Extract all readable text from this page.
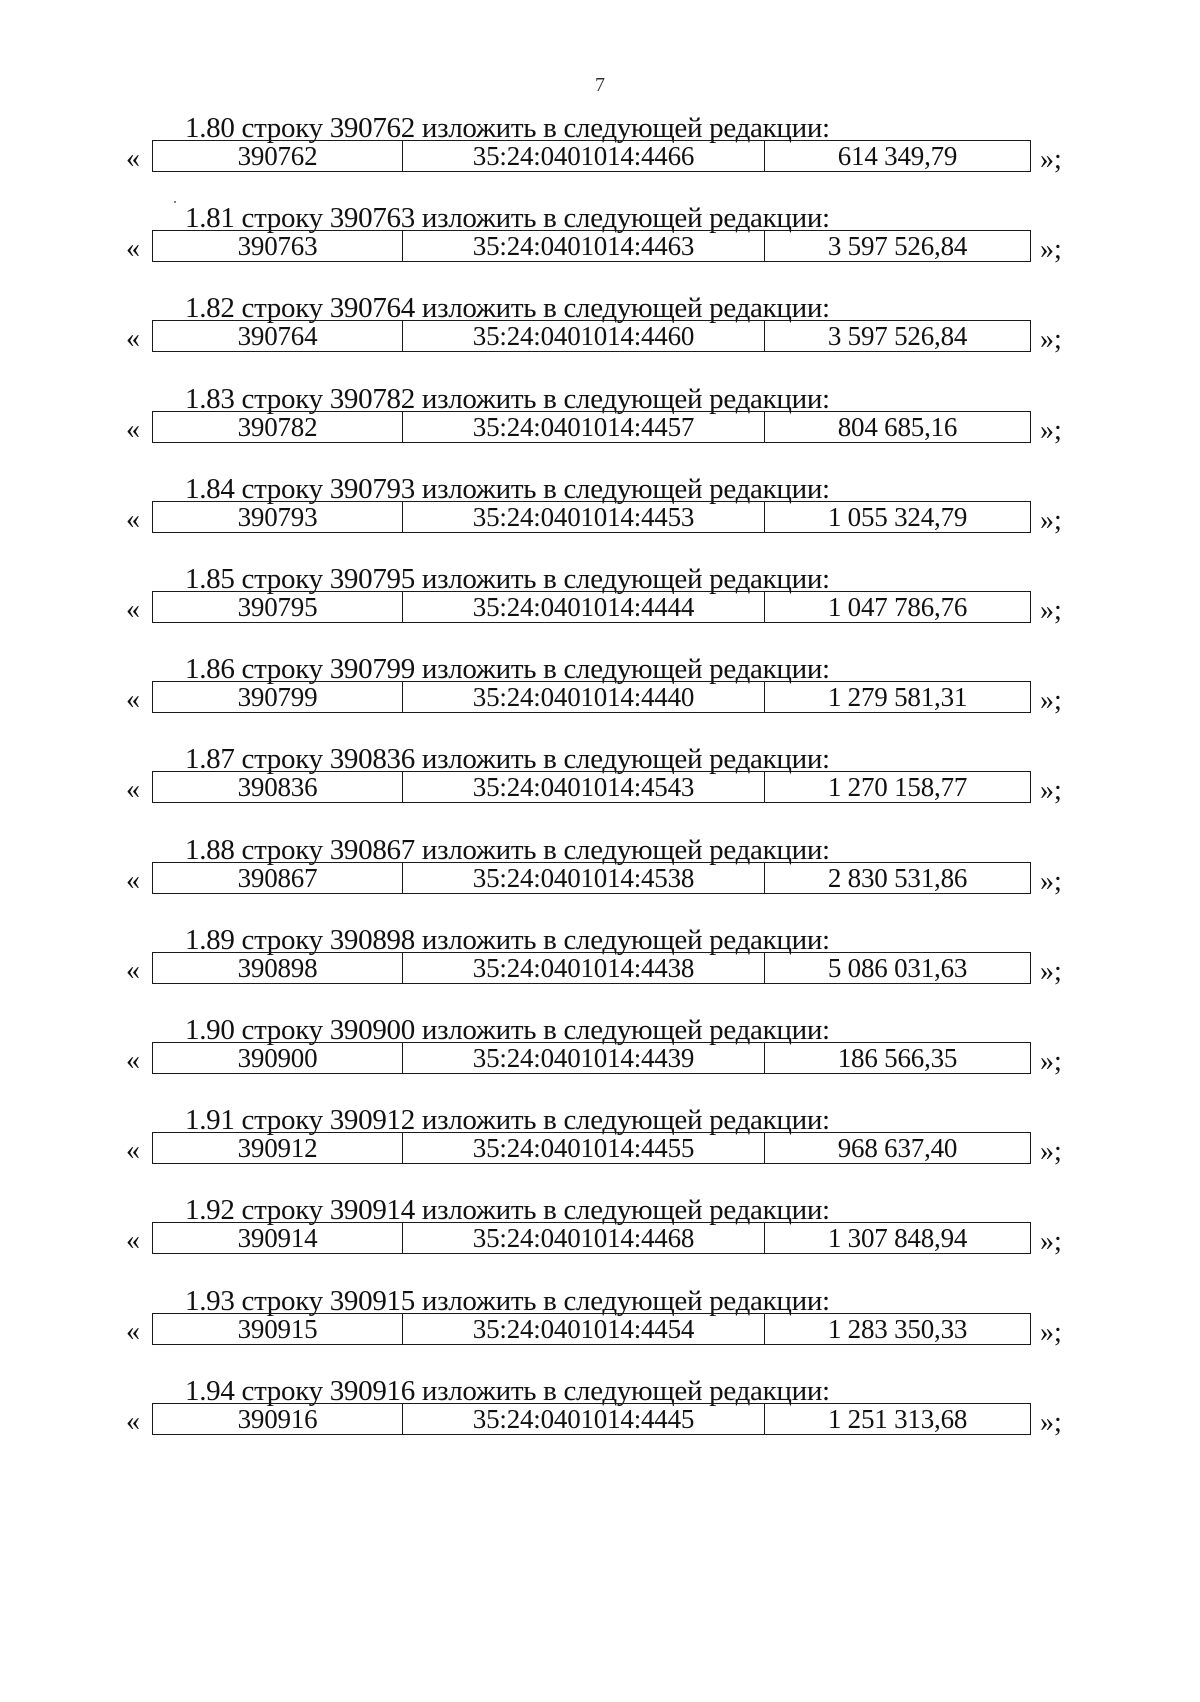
7

1.80 строку 390762 изложить в следующей редакции:

«	390762	35:24:0401014:4466	614 349,79	»;

1.81 строку 390763 изложить в следующей редакции:

«	390763	35:24:0401014:4463	3 597 526,84	»;

1.82 строку 390764 изложить в следующей редакции:

«	390764	35:24:0401014:4460	3 597 526,84	»;

1.83 строку 390782 изложить в следующей редакции:

«	390782	35:24:0401014:4457	804 685,16	»;

1.84 строку 390793 изложить в следующей редакции:

«	390793	35:24:0401014:4453	1 055 324,79	»;

1.85 строку 390795 изложить в следующей редакции:

«	390795	35:24:0401014:4444	1 047 786,76	»;

1.86 строку 390799 изложить в следующей редакции:

«	390799	35:24:0401014:4440	1 279 581,31	»;

1.87 строку 390836 изложить в следующей редакции:

«	390836	35:24:0401014:4543	1 270 158,77	»;

1.88 строку 390867 изложить в следующей редакции:

«	390867	35:24:0401014:4538	2 830 531,86	»;

1.89 строку 390898 изложить в следующей редакции:

«	390898	35:24:0401014:4438	5 086 031,63	»;

1.90 строку 390900 изложить в следующей редакции:

«	390900	35:24:0401014:4439	186 566,35	»;

1.91 строку 390912 изложить в следующей редакции:

«	390912	35:24:0401014:4455	968 637,40	»;

1.92 строку 390914 изложить в следующей редакции:

«	390914	35:24:0401014:4468	1 307 848,94	»;

1.93 строку 390915 изложить в следующей редакции:

«	390915	35:24:0401014:4454	1 283 350,33	»;

1.94 строку 390916 изложить в следующей редакции:

«	390916	35:24:0401014:4445	1 251 313,68	»;
